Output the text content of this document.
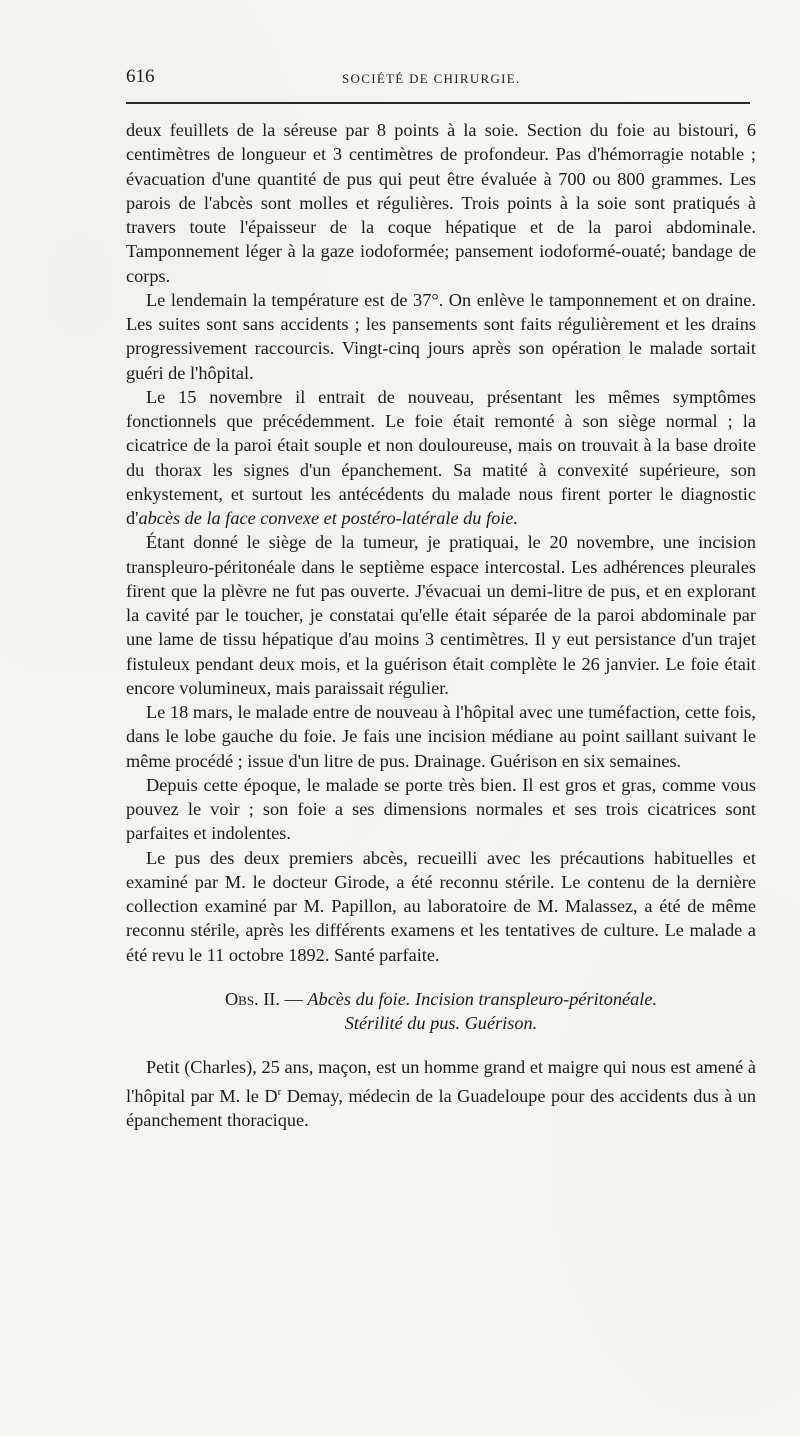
616	SOCIÉTÉ DE CHIRURGIE.

deux feuillets de la séreuse par 8 points à la soie. Section du foie au bistouri, 6 centimètres de longueur et 3 centimètres de profondeur. Pas d'hémorragie notable ; évacuation d'une quantité de pus qui peut être évaluée à 700 ou 800 grammes. Les parois de l'abcès sont molles et régulières. Trois points à la soie sont pratiqués à travers toute l'épaisseur de la coque hépatique et de la paroi abdominale. Tamponnement léger à la gaze iodoformée; pansement iodoformé-ouaté; bandage de corps.

Le lendemain la température est de 37°. On enlève le tamponnement et on draine. Les suites sont sans accidents ; les pansements sont faits régulièrement et les drains progressivement raccourcis. Vingt-cinq jours après son opération le malade sortait guéri de l'hôpital.

Le 15 novembre il entrait de nouveau, présentant les mêmes symptômes fonctionnels que précédemment. Le foie était remonté à son siège normal ; la cicatrice de la paroi était souple et non douloureuse, mais on trouvait à la base droite du thorax les signes d'un épanchement. Sa matité à convexité supérieure, son enkystement, et surtout les antécédents du malade nous firent porter le diagnostic d'abcès de la face convexe et postéro-latérale du foie.

Étant donné le siège de la tumeur, je pratiquai, le 20 novembre, une incision transpleuro-péritonéale dans le septième espace intercostal. Les adhérences pleurales firent que la plèvre ne fut pas ouverte. J'évacuai un demi-litre de pus, et en explorant la cavité par le toucher, je constatai qu'elle était séparée de la paroi abdominale par une lame de tissu hépatique d'au moins 3 centimètres. Il y eut persistance d'un trajet fistuleux pendant deux mois, et la guérison était complète le 26 janvier. Le foie était encore volumineux, mais paraissait régulier.

Le 18 mars, le malade entre de nouveau à l'hôpital avec une tuméfaction, cette fois, dans le lobe gauche du foie. Je fais une incision médiane au point saillant suivant le même procédé ; issue d'un litre de pus. Drainage. Guérison en six semaines.

Depuis cette époque, le malade se porte très bien. Il est gros et gras, comme vous pouvez le voir ; son foie a ses dimensions normales et ses trois cicatrices sont parfaites et indolentes.

Le pus des deux premiers abcès, recueilli avec les précautions habituelles et examiné par M. le docteur Girode, a été reconnu stérile. Le contenu de la dernière collection examiné par M. Papillon, au laboratoire de M. Malassez, a été de même reconnu stérile, après les différents examens et les tentatives de culture. Le malade a été revu le 11 octobre 1892. Santé parfaite.

Obs. II. — Abcès du foie. Incision transpleuro-péritonéale.
Stérilité du pus. Guérison.

Petit (Charles), 25 ans, maçon, est un homme grand et maigre qui nous est amené à l'hôpital par M. le $D^r$ Demay, médecin de la Guadeloupe pour des accidents dus à un épanchement thoracique.
